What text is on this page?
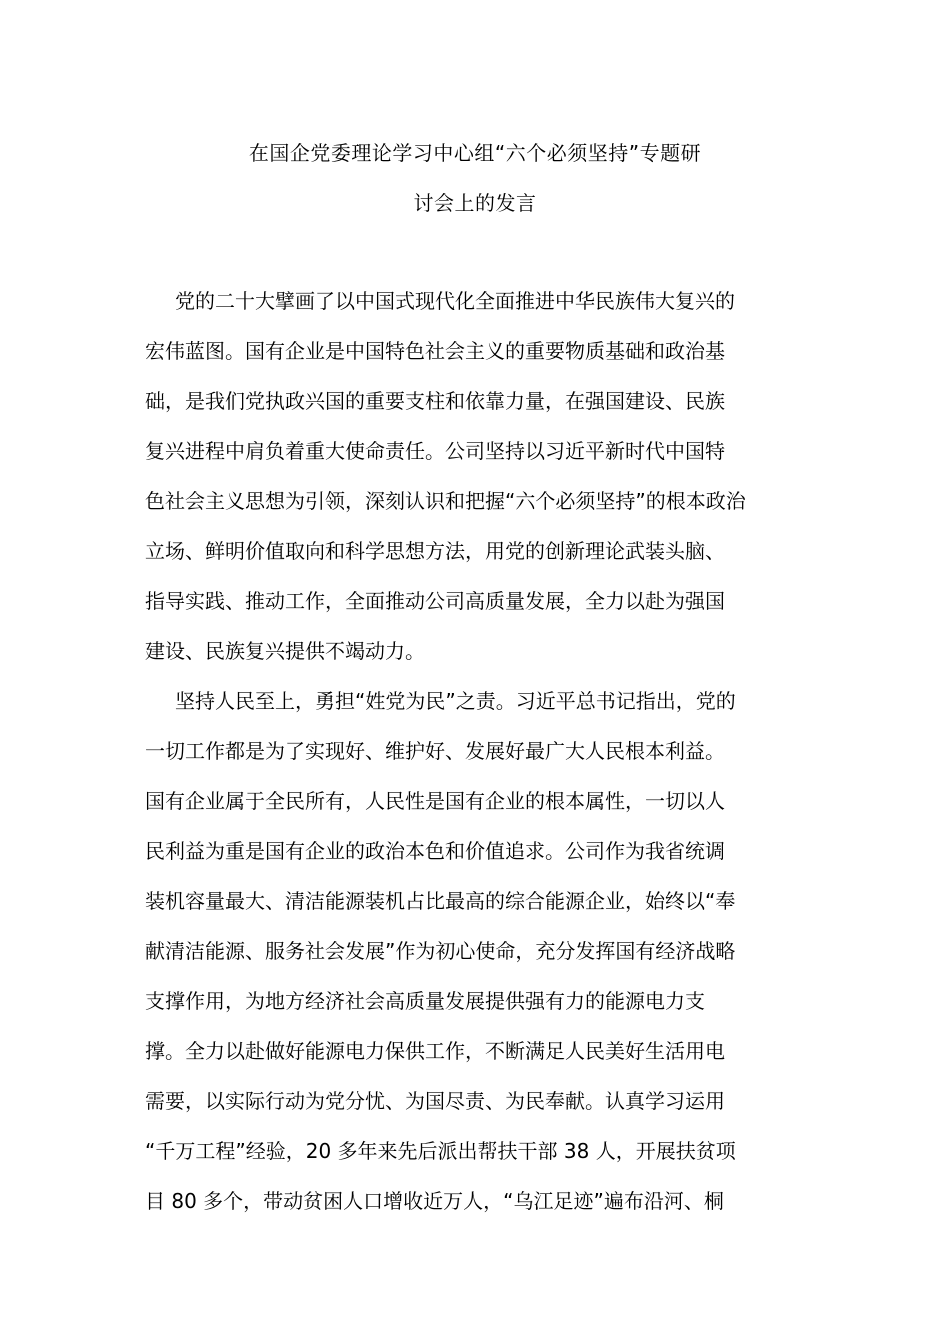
在国企党委理论学习中心组“六个必须坚持”专题研
讨会上的发言
党的二十大擘画了以中国式现代化全面推进中华民族伟大复兴的
宏伟蓝图。国有企业是中国特色社会主义的重要物质基础和政治基
础，是我们党执政兴国的重要支柱和依靠力量，在强国建设、民族
复兴进程中肩负着重大使命责任。公司坚持以习近平新时代中国特
色社会主义思想为引领，深刻认识和把握“六个必须坚持”的根本政治
立场、鲜明价值取向和科学思想方法，用党的创新理论武装头脑、
指导实践、推动工作，全面推动公司高质量发展，全力以赴为强国
建设、民族复兴提供不竭动力。
坚持人民至上，勇担“姓党为民”之责。习近平总书记指出，党的
一切工作都是为了实现好、维护好、发展好最广大人民根本利益。
国有企业属于全民所有，人民性是国有企业的根本属性，一切以人
民利益为重是国有企业的政治本色和价值追求。公司作为我省统调
装机容量最大、清洁能源装机占比最高的综合能源企业，始终以“奉
献清洁能源、服务社会发展”作为初心使命，充分发挥国有经济战略
支撑作用，为地方经济社会高质量发展提供强有力的能源电力支
撑。全力以赴做好能源电力保供工作，不断满足人民美好生活用电
需要，以实际行动为党分忧、为国尽责、为民奉献。认真学习运用
“千万工程”经验，20 多年来先后派出帮扶干部 38 人，开展扶贫项
目 80 多个，带动贫困人口增收近万人，“乌江足迹”遍布沿河、桐
